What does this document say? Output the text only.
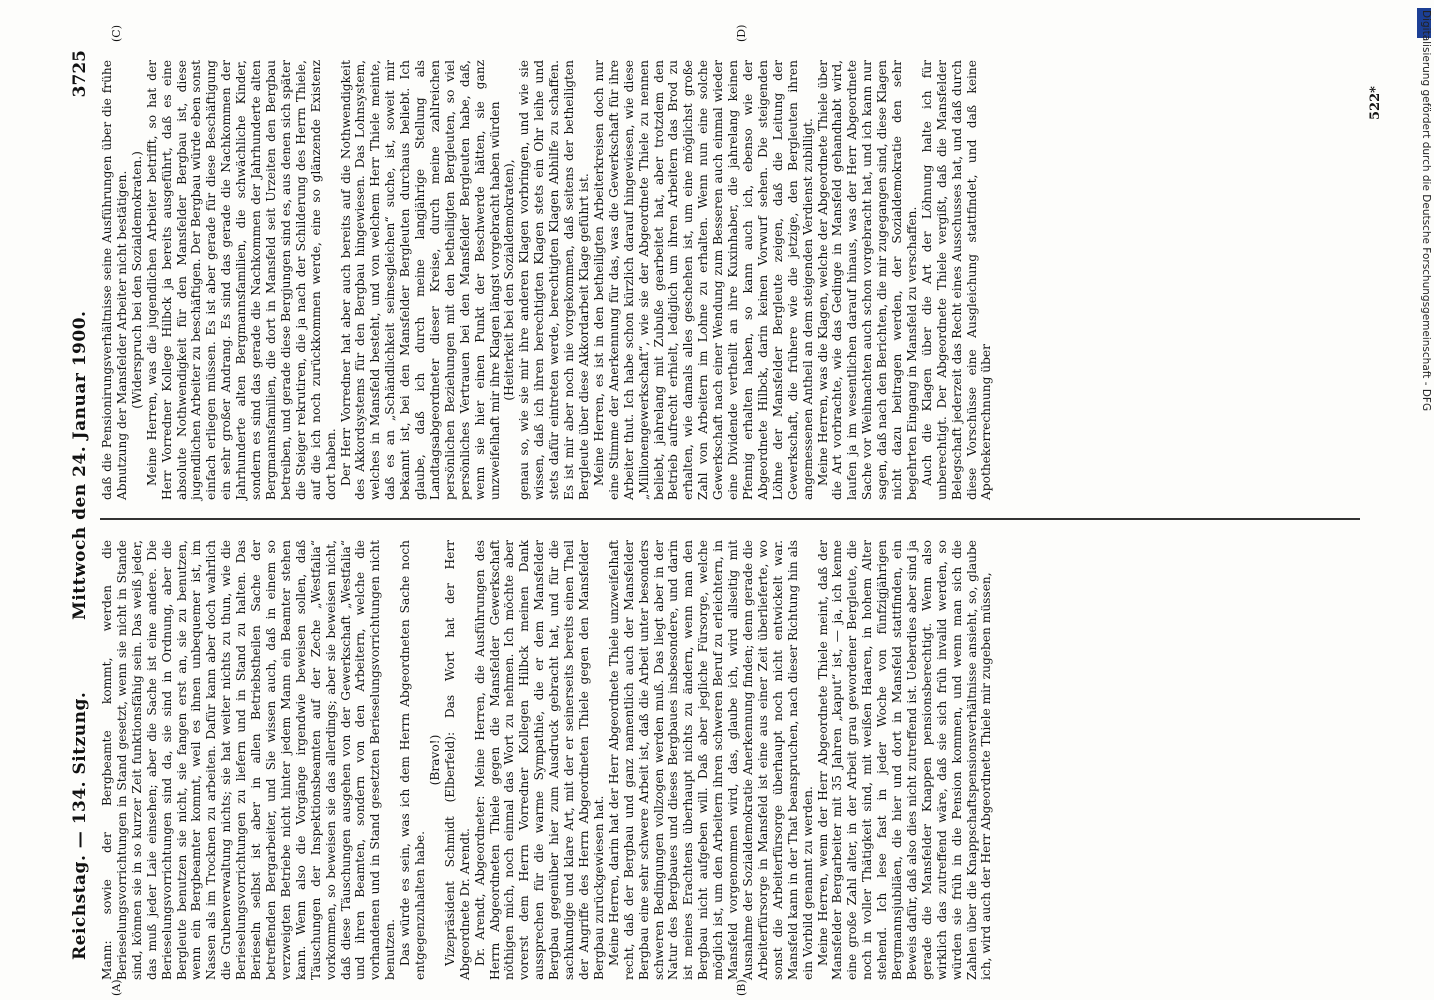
Reichstag. — 134. Sitzung.
Mittwoch den 24. Januar 1900.
3725
(A)	(B)
(C)	(D)

Mann: sowie der Bergbeamte kommt, werden die Berieselungsvorrichtungen in Stand gesetzt, wenn sie nicht in Stande sind, können sie in so kurzer Zeit funktionsfähig sein. Das weiß jeder, das muß jeder Laie einsehen; aber die Sache ist eine andere. Die Berieselungsvorrichtungen sind da, sie sind in Ordnung, aber die Bergleute benutzen sie nicht, sie fangen erst an, sie zu benutzen, wenn ein Bergbeamter kommt, weil es ihnen unbequemer ist, im Nassen als im Trocknen zu arbeiten. Dafür kann aber doch wahrlich die Grubenverwaltung nichts; sie hat weiter nichts zu thun, wie die Berieselungsvorrichtungen zu liefern und in Stand zu halten. Das Berieseln selbst ist aber in allen Betriebstheilen Sache der betreffenden Bergarbeiter, und Sie wissen auch, daß in einem so verzweigten Betriebe nicht hinter jedem Mann ein Beamter stehen kann. Wenn also die Vorgänge irgendwie beweisen sollen, daß Täuschungen der Inspektionsbeamten auf der Zeche „Westfalia“ vorkommen, so beweisen sie das allerdings; aber sie beweisen nicht, daß diese Täuschungen ausgehen von der Gewerkschaft „Westfalia“ und ihren Beamten, sondern von den Arbeitern, welche die vorhandenen und in Stand gesetzten Berieselungsvorrichtungen nicht benutzen. Das würde es sein, was ich dem Herrn Abgeordneten Sache noch entgegenzuhalten habe.

(Bravo!) Vizepräsident Schmidt (Elberfeld): Das Wort hat der Herr Abgeordnete Dr. Arendt. Dr. Arendt, Abgeordneter: Meine Herren, die Ausführungen des Herrn Abgeordneten Thiele gegen die Mansfelder Gewerkschaft nöthigen mich, noch einmal das Wort zu nehmen. Ich möchte aber vorerst dem Herrn Vorredner Kollegen Hilbck meinen Dank aussprechen für die warme Sympathie, die er dem Mansfelder Bergbau gegenüber hier zum Ausdruck gebracht hat, und für die sachkundige und klare Art, mit der er seinerseits bereits einen Theil der Angriffe des Herrn Abgeordneten Thiele gegen den Mansfelder Bergbau zurückgewiesen hat. Meine Herren, darin hat der Herr Abgeordnete Thiele unzweifelhaft recht, daß der Bergbau und ganz namentlich auch der Mansfelder Bergbau eine sehr schwere Arbeit ist, daß die Arbeit unter besonders schweren Bedingungen vollzogen werden muß. Das liegt aber in der Natur des Bergbaues und dieses Bergbaues insbesondere, und darin ist meines Erachtens überhaupt nichts zu ändern, wenn man den Bergbau nicht aufgeben will. Daß aber jegliche Fürsorge, welche möglich ist, um den Arbeitern ihren schweren Beruf zu erleichtern, in Mansfeld vorgenommen wird, das, glaube ich, wird allseitig mit Ausnahme der Sozialdemokratie Anerkennung finden; denn gerade die Arbeiterfürsorge in Mansfeld ist eine aus einer Zeit überlieferte, wo sonst die Arbeiterfürsorge überhaupt noch nicht entwickelt war. Mansfeld kann in der That beanspruchen, nach dieser Richtung hin als ein Vorbild genannt zu werden. Meine Herren, wenn der Herr Abgeordnete Thiele meint, daß der Mansfelder Bergarbeiter mit 35 Jahren „kaput“ ist, — ja, ich kenne eine große Zahl alter, in der Arbeit grau gewordener Bergleute, die noch in voller Thätigkeit sind, mit weißen Haaren, in hohem Alter stehend. Ich lese fast in jeder Woche von fünfzigjährigen Bergmannsjubiläen, die hier und dort in Mansfeld stattfinden, ein Beweis dafür, daß also dies nicht zutreffend ist. Ueberdies aber sind ja gerade die Mansfelder Knappen pensionsberechtigt. Wenn also wirklich das zutreffend wäre, daß sie sich früh invalid werden, so würden sie früh in die Pension kommen, und wenn man sich die Zahlen über die Knappschaftspensionsverhältnisse ansieht, so, glaube ich, wird auch der Herr Abgeordnete Thiele mir zugeben müssen,

daß die Pensionirungsverhältnisse seine Ausführungen über die frühe Abnutzung der Mansfelder Arbeiter nicht bestätigen. (Widerspruch bei den Sozialdemokraten.) Meine Herren, was die jugendlichen Arbeiter betrifft, so hat der Herr Vorredner Kollege Hilbck ja bereits ausgeführt, daß es eine absolute Nothwendigkeit für den Mansfelder Bergbau ist, diese jugendlichen Arbeiter zu beschäftigen. Der Bergbau würde eben sonst einfach erliegen müssen. Es ist aber gerade für diese Beschäftigung ein sehr großer Andrang. Es sind das gerade die Nachkommen der Jahrhunderte alten Bergmannsfamilien, die schwächliche Kinder, sondern es sind das gerade die Nachkommen der Jahrhunderte alten Bergmannsfamilien, die dort in Mansfeld seit Urzeiten den Bergbau betreiben, und gerade diese Bergjungen sind es, aus denen sich später die Steiger rekrutiren, die ja nach der Schilderung des Herrn Thiele, auf die ich noch zurückkommen werde, eine so glänzende Existenz dort haben. Der Herr Vorredner hat aber auch bereits auf die Nothwendigkeit des Akkordsystems für den Bergbau hingewiesen. Das Lohnsystem, welches in Mansfeld besteht, und von welchem Herr Thiele meinte, daß es an „Schändlichkeit seinesgleichen“ suche, ist, soweit mir bekannt ist, bei den Mansfelder Bergleuten durchaus beliebt. Ich glaube, daß ich durch meine langjährige Stellung als Landtagsabgeordneter dieser Kreise, durch meine zahlreichen persönlichen Beziehungen mit den betheiligten Bergleuten, so viel persönliches Vertrauen bei den Mansfelder Bergleuten habe, daß, wenn sie hier einen Punkt der Beschwerde hätten, sie ganz unzweifelhaft mir ihre Klagen längst vorgebracht haben würden (Heiterkeit bei den Sozialdemokraten), genau so, wie sie mir ihre anderen Klagen vorbringen, und wie sie wissen, daß ich ihren berechtigten Klagen stets ein Ohr leihe und stets dafür eintreten werde, berechtigten Klagen Abhilfe zu schaffen. Es ist mir aber noch nie vorgekommen, daß seitens der betheiligten Bergleute über diese Akkordarbeit Klage geführt ist. Meine Herren, es ist in den betheiligten Arbeiterkreisen doch nur eine Stimme der Anerkennung für das, was die Gewerkschaft für ihre Arbeiter thut. Ich habe schon kürzlich darauf hingewiesen, wie diese „Millionengewerkschaft“, wie sie der Abgeordnete Thiele zu nennen beliebt, jahrelang mit Zubuße gearbeitet hat, aber trotzdem den Betrieb aufrecht erhielt, lediglich um ihren Arbeitern das Brod zu erhalten, wie damals alles geschehen ist, um eine möglichst große Zahl von Arbeitern im Lohne zu erhalten. Wenn nun eine solche Gewerkschaft nach einer Wendung zum Besseren auch einmal wieder eine Dividende vertheilt an ihre Kuxinhaber, die jahrelang keinen Pfennig erhalten haben, so kann auch ich, ebenso wie der Abgeordnete Hilbck, darin keinen Vorwurf sehen. Die steigenden Löhne der Mansfelder Bergleute zeigen, daß die Leitung der Gewerkschaft, die frühere wie die jetzige, den Bergleuten ihren angemessenen Antheil an dem steigenden Verdienst zubilligt. Meine Herren, was die Klagen, welche der Abgeordnete Thiele über die Art vorbrachte, wie das Gedinge in Mansfeld gehandhabt wird, laufen ja im wesentlichen darauf hinaus, was der Herr Abgeordnete Sache vor Weihnachten auch schon vorgebracht hat, und ich kann nur sagen, daß nach den Berichten, die mir zugegangen sind, diese Klagen nicht dazu beitragen werden, der Sozialdemokratie den sehr begehrten Eingang in Mansfeld zu verschaffen. Auch die Klagen über die Art der Löhnung halte ich für unberechtigt. Der Abgeordnete Thiele vergißt, daß die Mansfelder Belegschaft jederzeit das Recht eines Ausschusses hat, und daß durch diese Vorschüsse eine Ausgleichung stattfindet, und daß keine Apothekerrechnung über

522*	Digitalisierung gefördert durch die Deutsche Forschungsgemeinschaft - DFG
